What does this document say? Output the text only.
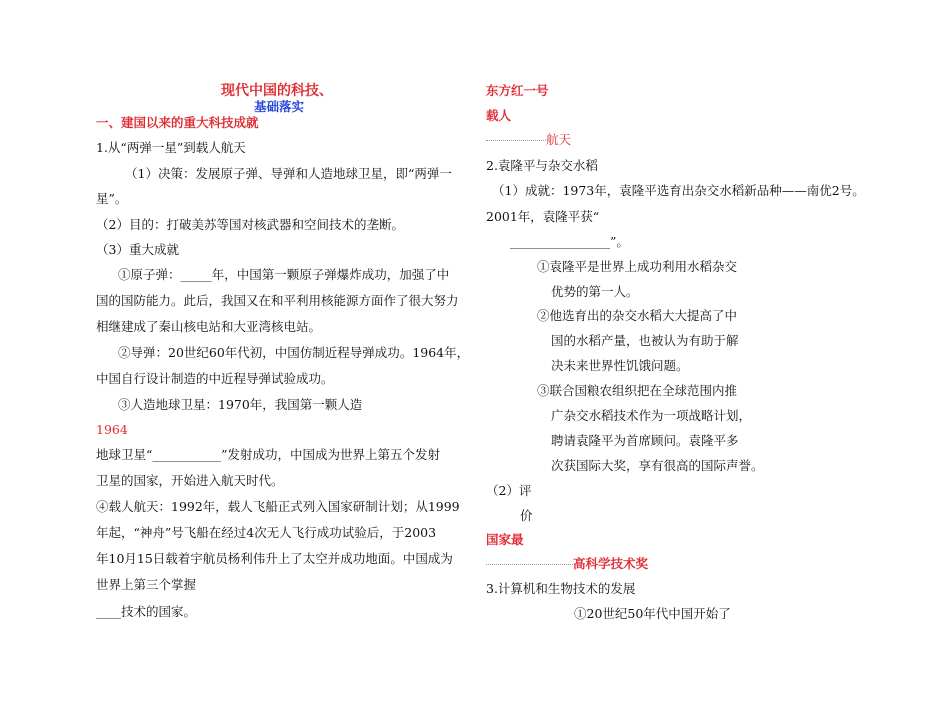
现代中国的科技、
基础落实
一、建国以来的重大科技成就
1.从“两弹一星”到载人航天
（1）决策：发展原子弹、导弹和人造地球卫星，即“两弹一
星”。
（2）目的：打破美苏等国对核武器和空间技术的垄断。
（3）重大成就
①原子弹：_____年，中国第一颗原子弹爆炸成功，加强了中
国的国防能力。此后，我国又在和平利用核能源方面作了很大努力
相继建成了秦山核电站和大亚湾核电站。
②导弹：20世纪60年代初，中国仿制近程导弹成功。1964年，
中国自行设计制造的中近程导弹试验成功。
③人造地球卫星：1970年，我国第一颗人造
1964
地球卫星“___________”发射成功，中国成为世界上第五个发射
卫星的国家，开始进入航天时代。
④载人航天：1992年，载人飞船正式列入国家研制计划；从1999
年起，“神舟”号飞船在经过4次无人飞行成功试验后，于2003
年10月15日载着宇航员杨利伟升上了太空并成功地面。中国成为
世界上第三个掌握
____技术的国家。
东方红一号
载人
航天
2.袁隆平与杂交水稻
（1）成就：1973年，袁隆平选育出杂交水稻新品种——南优2号。
2001年，袁隆平获“
________________”。
①袁隆平是世界上成功利用水稻杂交
优势的第一人。
②他选育出的杂交水稻大大提高了中
国的水稻产量，也被认为有助于解
决未来世界性饥饿问题。
③联合国粮农组织把在全球范围内推
广杂交水稻技术作为一项战略计划，
聘请袁隆平为首席顾问。袁隆平多
次获国际大奖，享有很高的国际声誉。
（2）评
价
国家最
高科学技术奖
3.计算机和生物技术的发展
①20世纪50年代中国开始了
